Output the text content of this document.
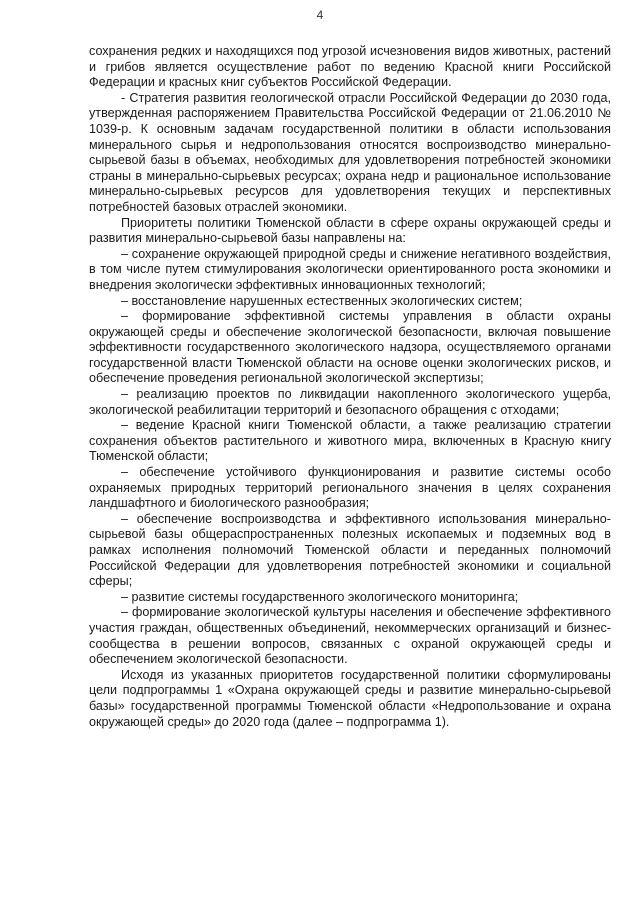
4

сохранения редких и находящихся под угрозой исчезновения видов животных, растений и грибов является осуществление работ по ведению Красной книги Российской Федерации и красных книг субъектов Российской Федерации.

- Стратегия развития геологической отрасли Российской Федерации до 2030 года, утвержденная распоряжением Правительства Российской Федерации от 21.06.2010 № 1039-р. К основным задачам государственной политики в области использования минерального сырья и недропользования относятся воспроизводство минерально-сырьевой базы в объемах, необходимых для удовлетворения потребностей экономики страны в минерально-сырьевых ресурсах; охрана недр и рациональное использование минерально-сырьевых ресурсов для удовлетворения текущих и перспективных потребностей базовых отраслей экономики.

Приоритеты политики Тюменской области в сфере охраны окружающей среды и развития минерально-сырьевой базы направлены на:

– сохранение окружающей природной среды и снижение негативного воздействия, в том числе путем стимулирования экологически ориентированного роста экономики и внедрения экологически эффективных инновационных технологий;

– восстановление нарушенных естественных экологических систем;

– формирование эффективной системы управления в области охраны окружающей среды и обеспечение экологической безопасности, включая повышение эффективности государственного экологического надзора, осуществляемого органами государственной власти Тюменской области на основе оценки экологических рисков, и обеспечение проведения региональной экологической экспертизы;

– реализацию проектов по ликвидации накопленного экологического ущерба, экологической реабилитации территорий и безопасного обращения с отходами;

– ведение Красной книги Тюменской области, а также реализацию стратегии сохранения объектов растительного и животного мира, включенных в Красную книгу Тюменской области;

– обеспечение устойчивого функционирования и развитие системы особо охраняемых природных территорий регионального значения в целях сохранения ландшафтного и биологического разнообразия;

– обеспечение воспроизводства и эффективного использования минерально-сырьевой базы общераспространенных полезных ископаемых и подземных вод в рамках исполнения полномочий Тюменской области и переданных полномочий Российской Федерации для удовлетворения потребностей экономики и социальной сферы;

– развитие системы государственного экологического мониторинга;

– формирование экологической культуры населения и обеспечение эффективного участия граждан, общественных объединений, некоммерческих организаций и бизнес-сообщества в решении вопросов, связанных с охраной окружающей среды и обеспечением экологической безопасности.

Исходя из указанных приоритетов государственной политики сформулированы цели подпрограммы 1 «Охрана окружающей среды и развитие минерально-сырьевой базы» государственной программы Тюменской области «Недропользование и охрана окружающей среды» до 2020 года (далее – подпрограмма 1).
